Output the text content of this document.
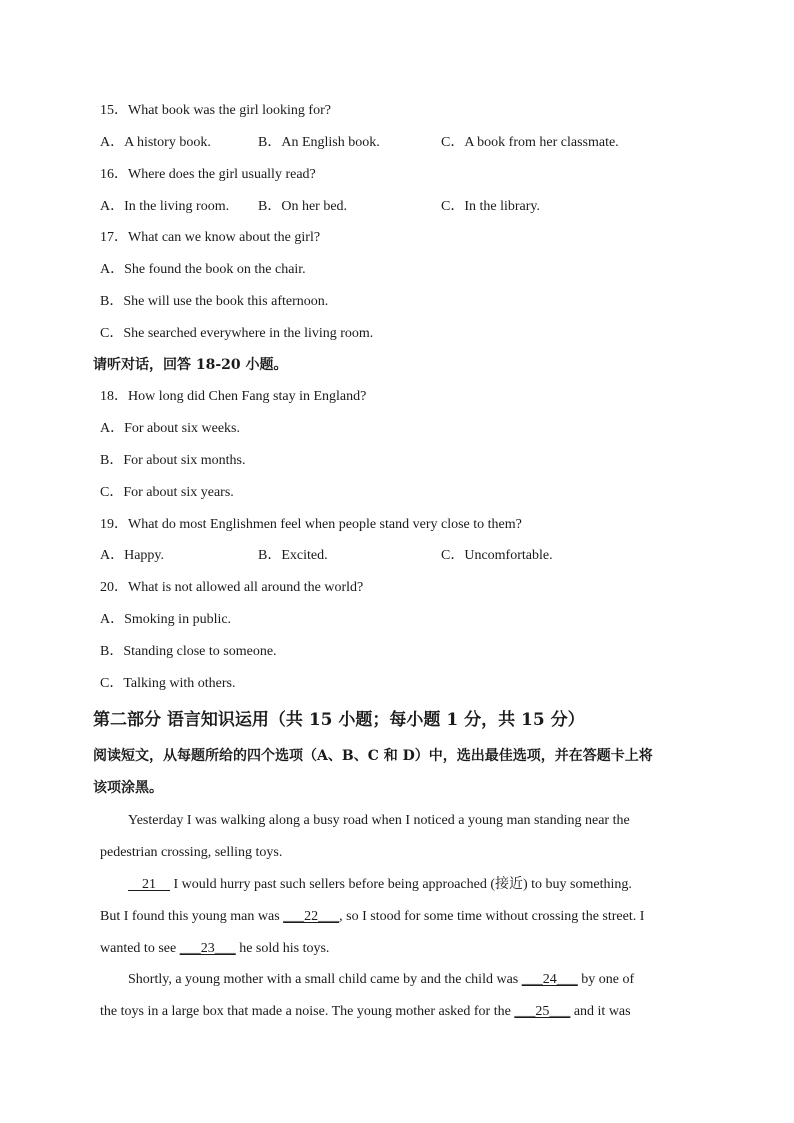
15．What book was the girl looking for?
A．A history book.	B．An English book.	C．A book from her classmate.
16．Where does the girl usually read?
A．In the living room. B．On her bed.	C．In the library.
17．What can we know about the girl?
A．She found the book on the chair.
B．She will use the book this afternoon.
C．She searched everywhere in the living room.
请听对话，回答 18-20 小题。
18．How long did Chen Fang stay in England?
A．For about six weeks.
B．For about six months.
C．For about six years.
19．What do most Englishmen feel when people stand very close to them?
A．Happy.	B．Excited.	C．Uncomfortable.
20．What is not allowed all around the world?
A．Smoking in public.
B．Standing close to someone.
C．Talking with others.
第二部分 语言知识运用（共 15 小题；每小题 1 分，共 15 分）
阅读短文，从每题所给的四个选项（A、B、C 和 D）中，选出最佳选项，并在答题卡上将
该项涂黑。
Yesterday I was walking along a busy road when I noticed a young man standing near the
pedestrian crossing, selling toys.
21     I would hurry past such sellers before being approached (接近) to buy something.
But I found this young man was ___22___, so I stood for some time without crossing the street. I
wanted to see ___23___ he sold his toys.
Shortly, a young mother with a small child came by and the child was ___24___ by one of
the toys in a large box that made a noise. The young mother asked for the ___25___ and it was
